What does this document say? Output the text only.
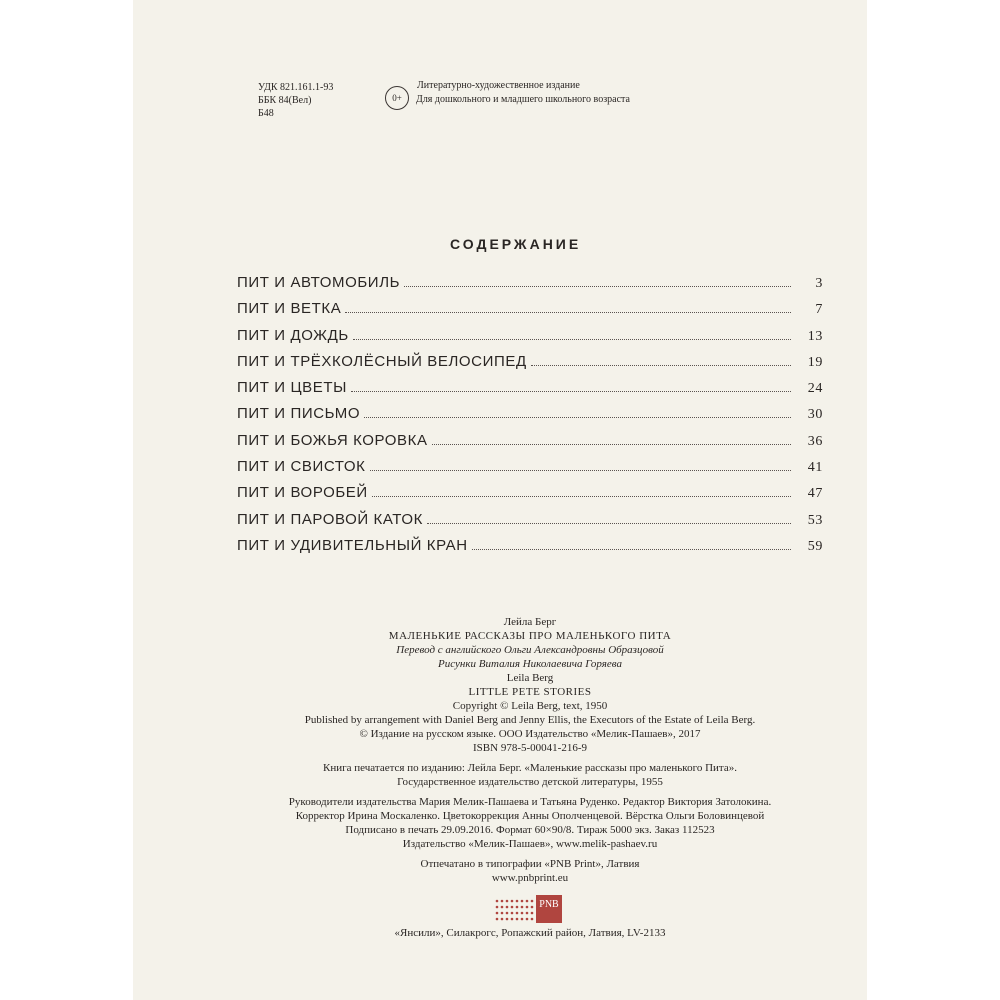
УДК 821.161.1-93
ББК 84(Вел)
Б48
0+
Литературно-художественное издание
Для дошкольного и младшего школьного возраста
СОДЕРЖАНИЕ
ПИТ И АВТОМОБИЛЬ	3
ПИТ И ВЕТКА	7
ПИТ И ДОЖДЬ	13
ПИТ И ТРЁХКОЛЁСНЫЙ ВЕЛОСИПЕД	19
ПИТ И ЦВЕТЫ	24
ПИТ И ПИСЬМО	30
ПИТ И БОЖЬЯ КОРОВКА	36
ПИТ И СВИСТОК	41
ПИТ И ВОРОБЕЙ	47
ПИТ И ПАРОВОЙ КАТОК	53
ПИТ И УДИВИТЕЛЬНЫЙ КРАН	59
Лейла Берг
МАЛЕНЬКИЕ РАССКАЗЫ ПРО МАЛЕНЬКОГО ПИТА
Перевод с английского Ольги Александровны Образцовой
Рисунки Виталия Николаевича Горяева
Leila Berg
LITTLE PETE STORIES
Copyright © Leila Berg, text, 1950
Published by arrangement with Daniel Berg and Jenny Ellis, the Executors of the Estate of Leila Berg.
© Издание на русском языке. ООО Издательство «Мелик-Пашаев», 2017
ISBN 978-5-00041-216-9
Книга печатается по изданию: Лейла Берг. «Маленькие рассказы про маленького Пита».
Государственное издательство детской литературы, 1955
Руководители издательства Мария Мелик-Пашаева и Татьяна Руденко. Редактор Виктория Затолокина.
Корректор Ирина Москаленко. Цветокоррекция Анны Ополченцевой. Вёрстка Ольги Боловинцевой
Подписано в печать 29.09.2016. Формат 60×90/8. Тираж 5000 экз. Заказ 112523
Издательство «Мелик-Пашаев», www.melik-pashaev.ru
Отпечатано в типографии «PNB Print», Латвия
www.pnbprint.eu
PNB
«Янсили», Силакрогс, Ропажский район, Латвия, LV-2133
